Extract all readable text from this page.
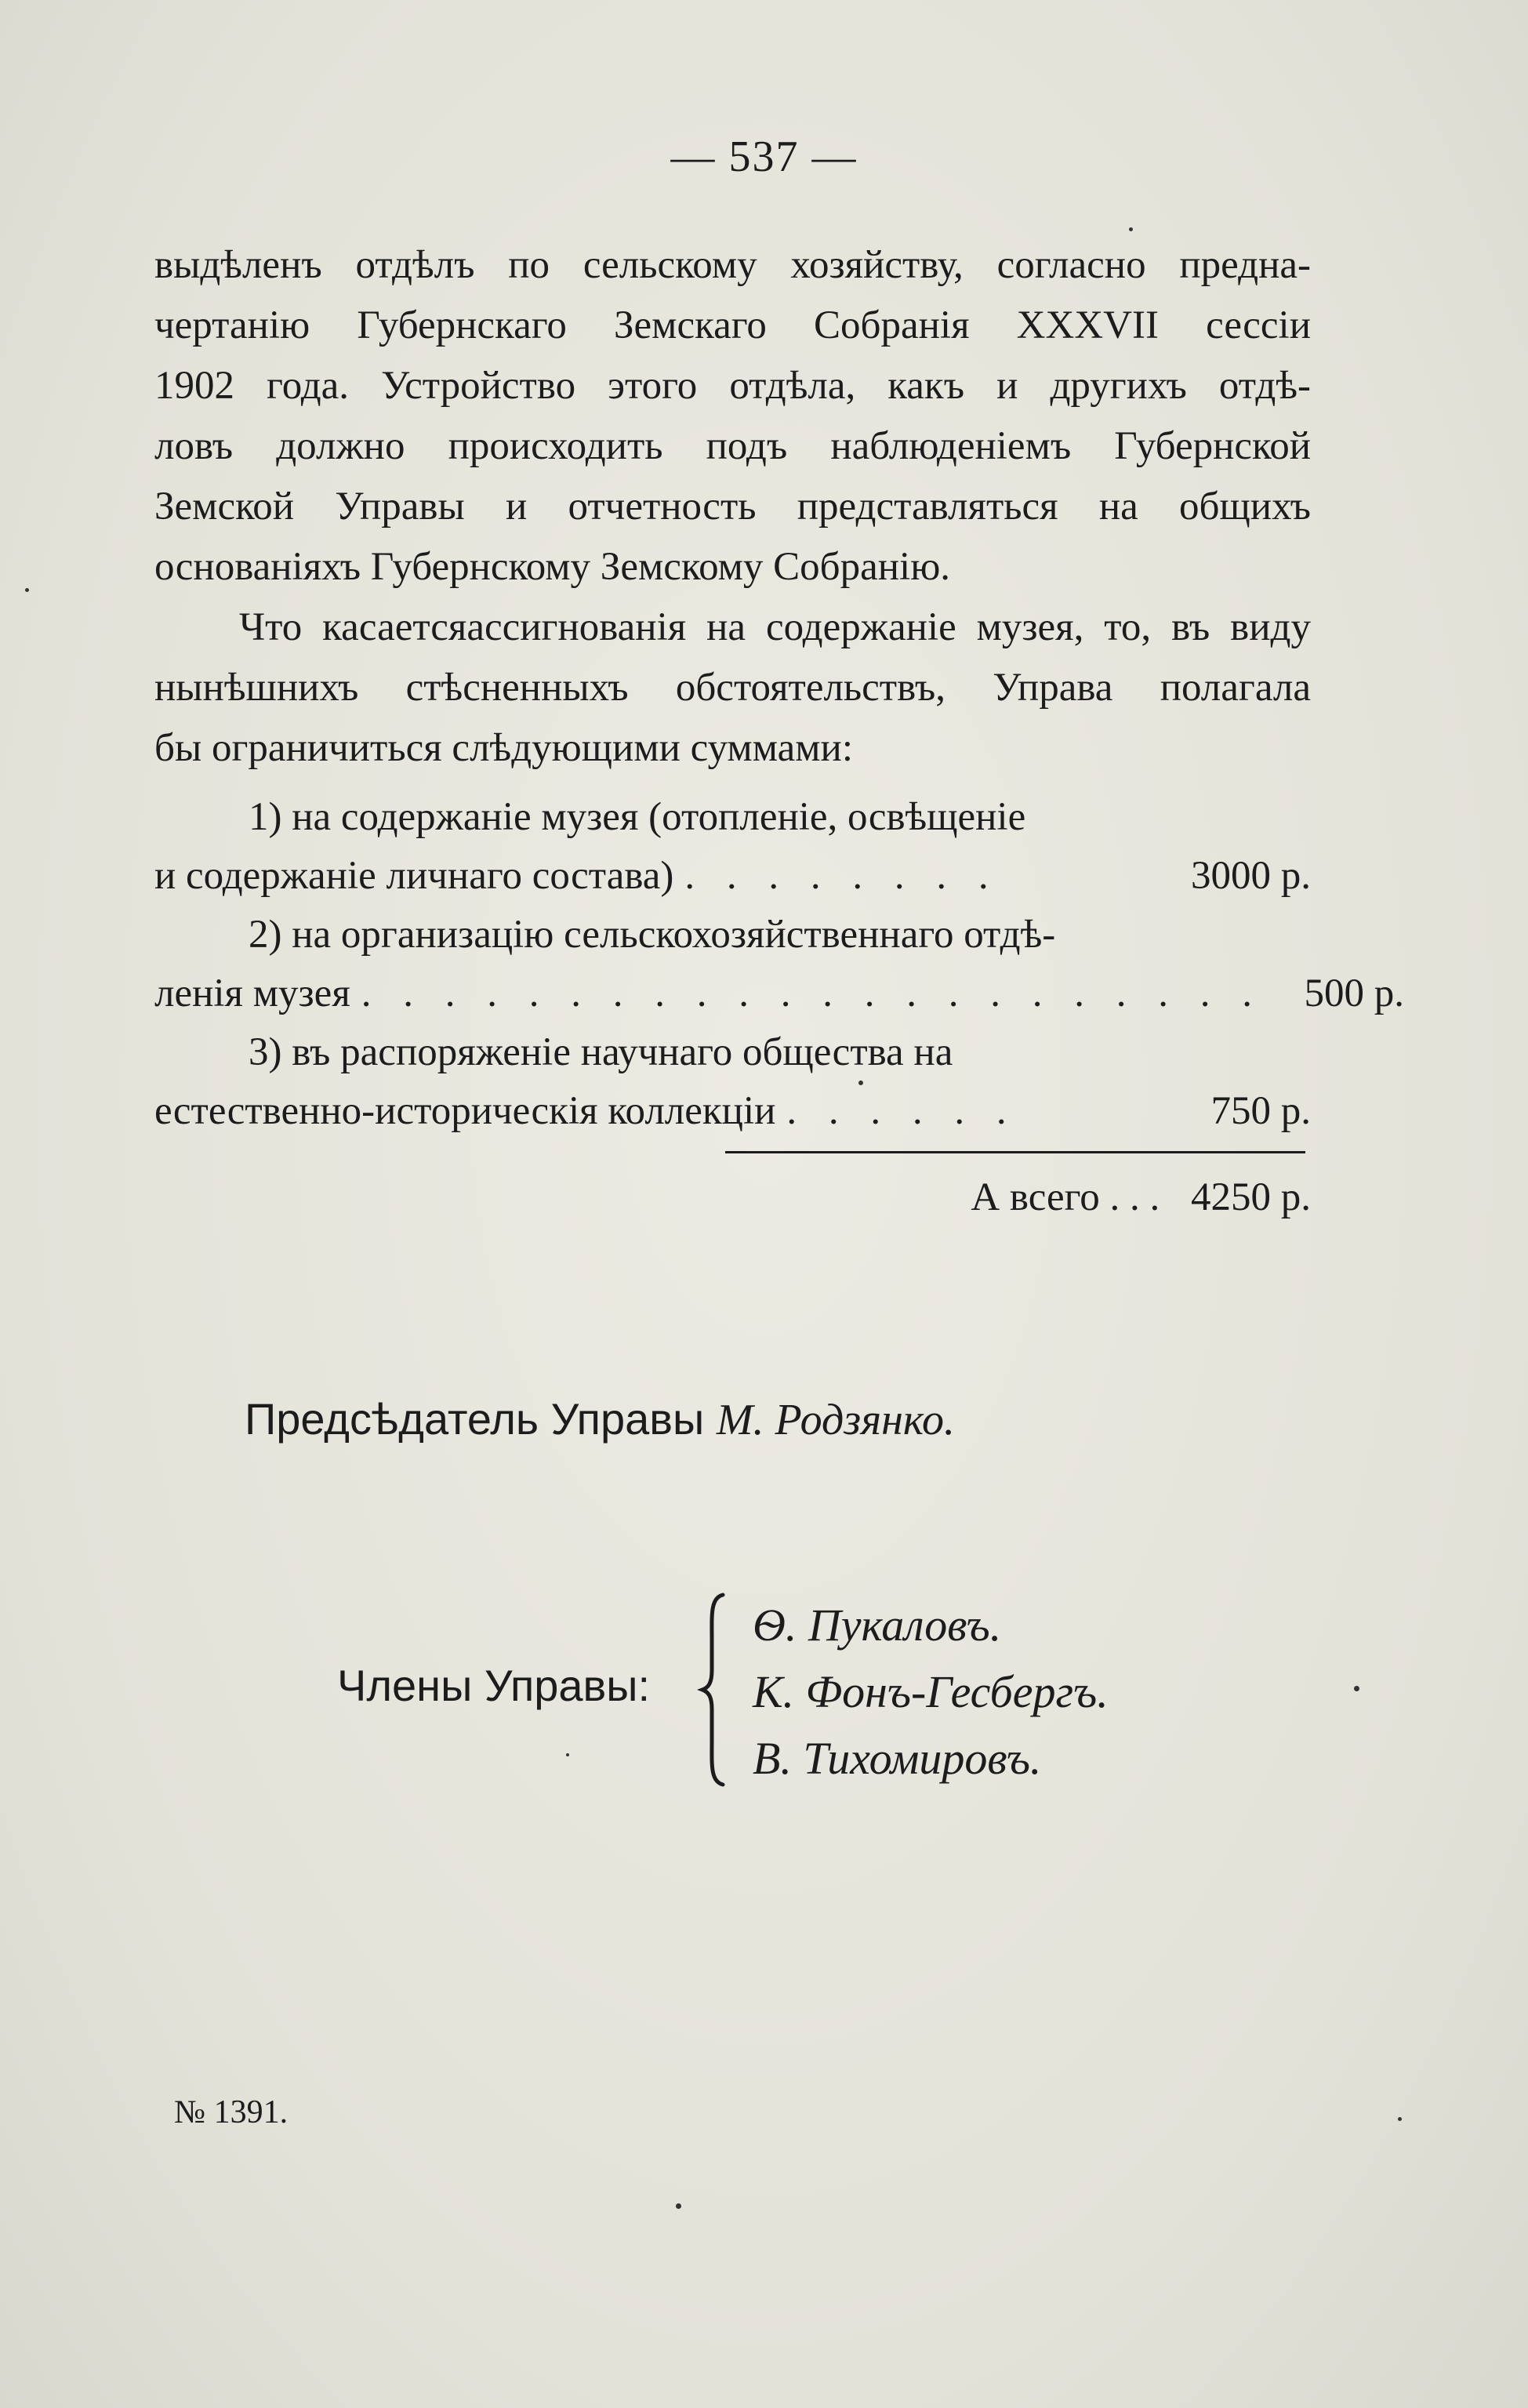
— 537 —
выдѣленъ отдѣлъ по сельскому хозяйству, согласно предна-
чертанію Губернскаго Земскаго Собранія XXXVII сессіи
1902 года. Устройство этого отдѣла, какъ и другихъ отдѣ-
ловъ должно происходить подъ наблюденіемъ Губернской
Земской Управы и отчетность представляться на общихъ
основаніяхъ Губернскому Земскому Собранію.
Что касаетсяассигнованія на содержаніе музея, то, въ виду
нынѣшнихъ стѣсненныхъ обстоятельствъ, Управа полагала
бы ограничиться слѣдующими суммами:
1) на содержаніе музея (отопленіе, освѣщеніе
и содержаніе личнаго состава) . . . . . . . .	3000 р.
2) на организацію сельскохозяйственнаго отдѣ-
ленія музея . . . . . . . . . . . . . . . . . . . . . .	500 р.
3) въ распоряженіе научнаго общества на
естественно-историческія коллекціи . . . . . .	750 р.
А всего . . . 4250 р.
Предсѣдатель Управы М. Родзянко.
Члены Управы:
Ѳ. Пукаловъ.
К. Фонъ-Гесбергъ.
В. Тихомировъ.
№ 1391.
